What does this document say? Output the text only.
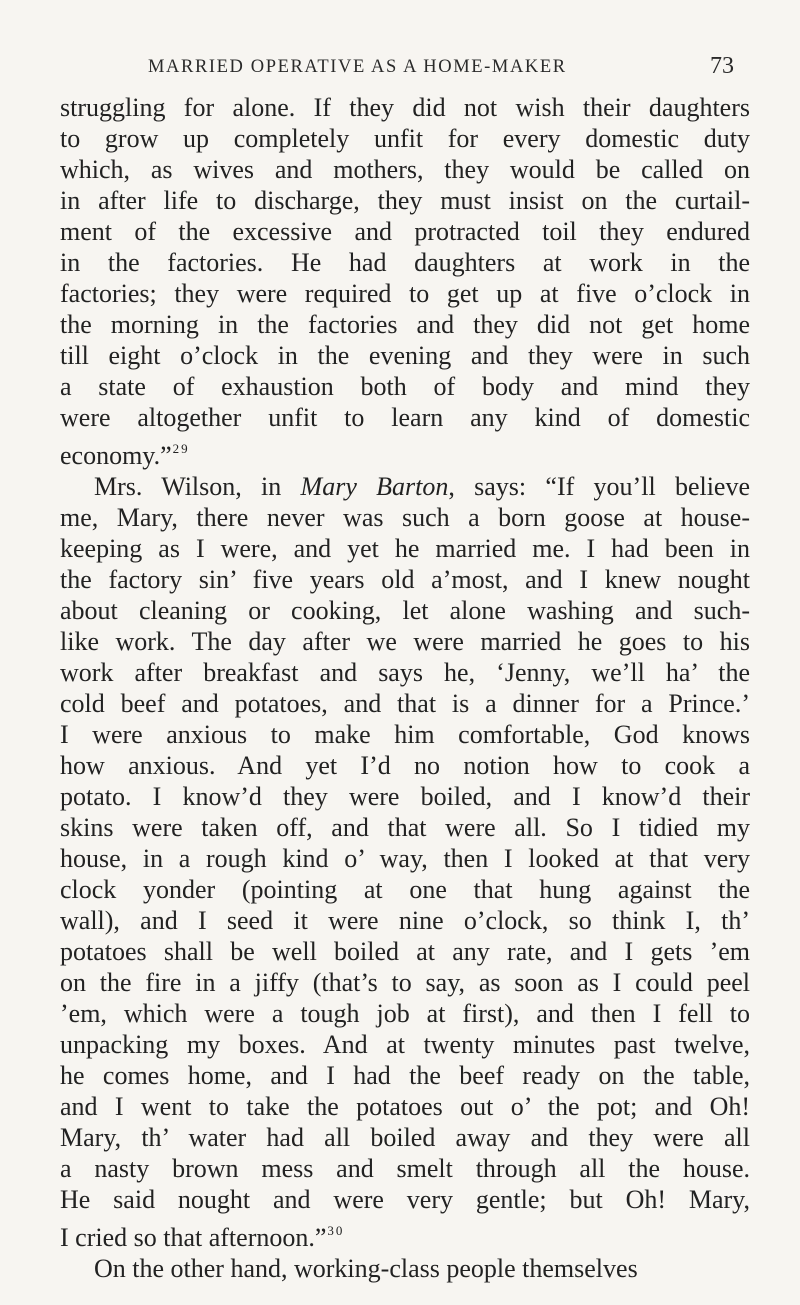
MARRIED OPERATIVE AS A HOME-MAKER	73
struggling for alone. If they did not wish their daughters
to grow up completely unfit for every domestic duty
which, as wives and mothers, they would be called on
in after life to discharge, they must insist on the curtail-
ment of the excessive and protracted toil they endured
in the factories. He had daughters at work in the
factories; they were required to get up at five o’clock in
the morning in the factories and they did not get home
till eight o’clock in the evening and they were in such
a state of exhaustion both of body and mind they
were altogether unfit to learn any kind of domestic
economy.”$^{29}$
Mrs. Wilson, in Mary Barton, says: “If you’ll believe
me, Mary, there never was such a born goose at house-
keeping as I were, and yet he married me. I had been in
the factory sin’ five years old a’most, and I knew nought
about cleaning or cooking, let alone washing and such-
like work. The day after we were married he goes to his
work after breakfast and says he, ‘Jenny, we’ll ha’ the
cold beef and potatoes, and that is a dinner for a Prince.’
I were anxious to make him comfortable, God knows
how anxious. And yet I’d no notion how to cook a
potato. I know’d they were boiled, and I know’d their
skins were taken off, and that were all. So I tidied my
house, in a rough kind o’ way, then I looked at that very
clock yonder (pointing at one that hung against the
wall), and I seed it were nine o’clock, so think I, th’
potatoes shall be well boiled at any rate, and I gets ’em
on the fire in a jiffy (that’s to say, as soon as I could peel
’em, which were a tough job at first), and then I fell to
unpacking my boxes. And at twenty minutes past twelve,
he comes home, and I had the beef ready on the table,
and I went to take the potatoes out o’ the pot; and Oh!
Mary, th’ water had all boiled away and they were all
a nasty brown mess and smelt through all the house.
He said nought and were very gentle; but Oh! Mary,
I cried so that afternoon.”$^{30}$
On the other hand, working-class people themselves
